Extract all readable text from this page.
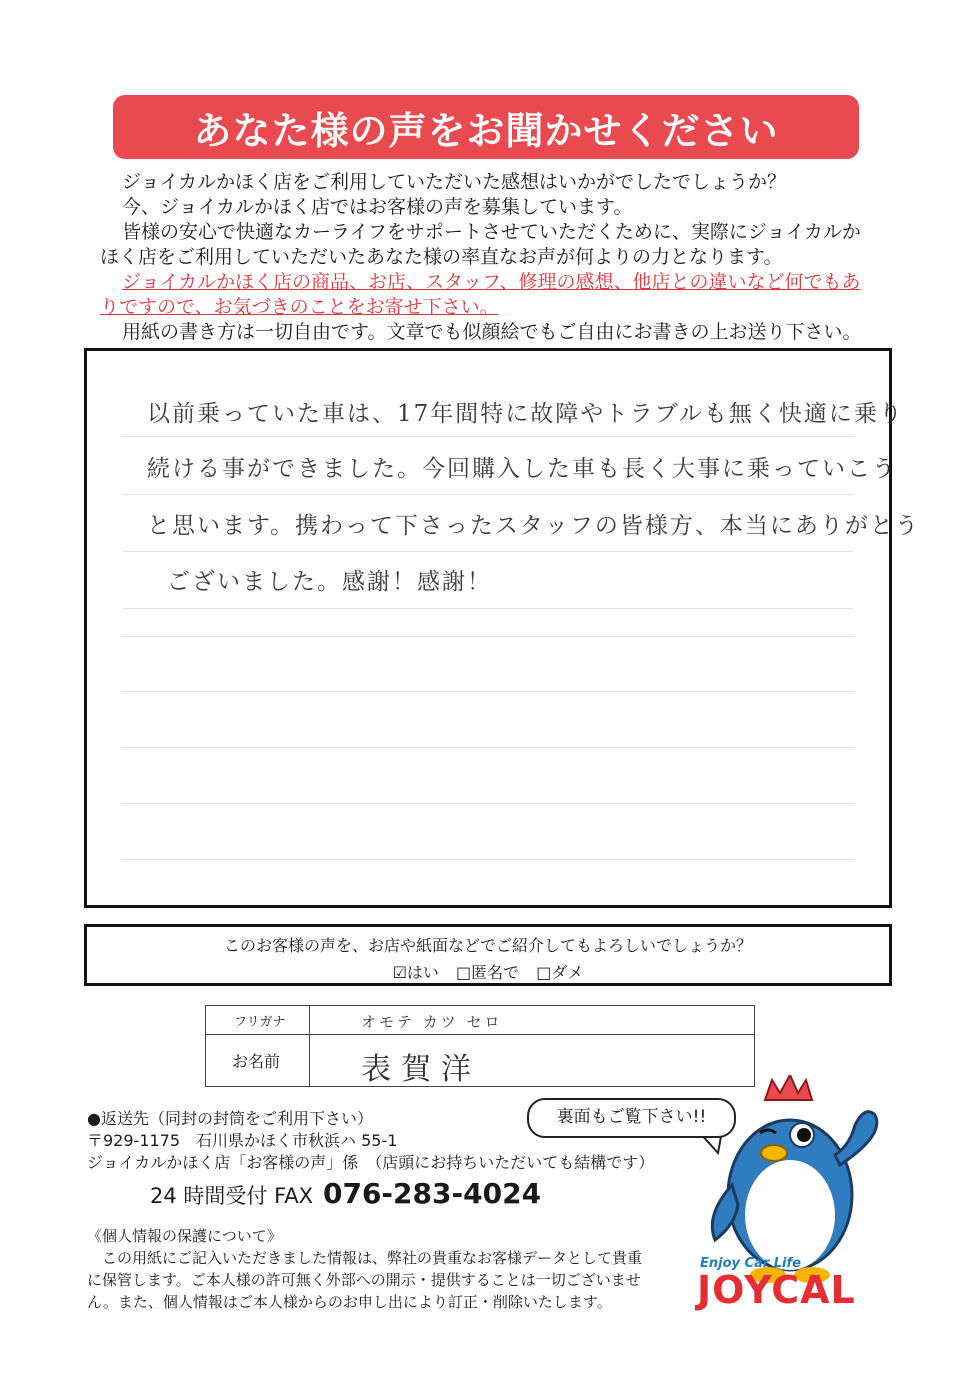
あなた様の声をお聞かせください
ジョイカルかほく店をご利用していただいた感想はいかがでしたでしょうか？
今、ジョイカルかほく店ではお客様の声を募集しています。
皆様の安心で快適なカーライフをサポートさせていただくために、実際にジョイカルか
ほく店をご利用していただいたあなた様の率直なお声が何よりの力となります。
ジョイカルかほく店の商品、お店、スタッフ、修理の感想、他店との違いなど何でもあ
りですので、お気づきのことをお寄せ下さい。
用紙の書き方は一切自由です。文章でも似顔絵でもご自由にお書きの上お送り下さい。
以前乗っていた車は、17年間特に故障やトラブルも無く快適に乗り
続ける事ができました。今回購入した車も長く大事に乗っていこう
と思います。携わって下さったスタッフの皆様方、本当にありがとう
ございました。感謝！感謝！
このお客様の声を、お店や紙面などでご紹介してもよろしいでしょうか？
☑はい □匿名で □ダメ
フリガナ
お名前
オモテ カツ セロ
表賀洋
●返送先（同封の封筒をご利用下さい）
〒929-1175　石川県かほく市秋浜ハ 55-1
ジョイカルかほく店「お客様の声」係　（店頭にお持ちいただいても結構です）
24 時間受付 FAX 076-283-4024
《個人情報の保護について》
　この用紙にご記入いただきました情報は、弊社の貴重なお客様データとして貴重
に保管します。ご本人様の許可無く外部への開示・提供することは一切ございませ
ん。また、個人情報はご本人様からのお申し出により訂正・削除いたします。
裏面もご覧下さい!!
Enjoy Car Life
JOYCAL
